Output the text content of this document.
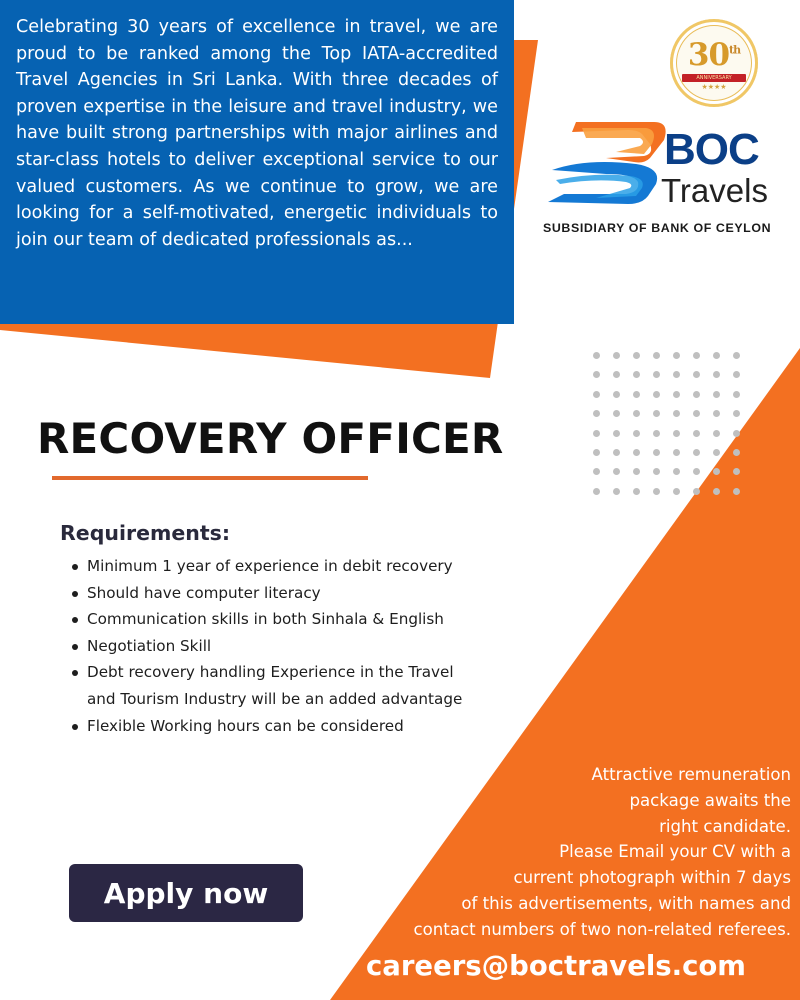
Celebrating 30 years of excellence in travel, we are proud to be ranked among the Top IATA-accredited Travel Agencies in Sri Lanka. With three decades of proven expertise in the leisure and travel industry, we have built strong partnerships with major airlines and star-class hotels to deliver exceptional service to our valued customers. As we continue to grow, we are looking for a self-motivated, energetic individuals to join our team of dedicated professionals as...

30th
ANNIVERSARY
★★★★
BOC
Travels
SUBSIDIARY OF BANK OF CEYLON
RECOVERY OFFICER
Requirements:
Minimum 1 year of experience in debit recovery
Should have computer literacy
Communication skills in both Sinhala & English
Negotiation Skill
Debt recovery handling Experience in the Travel and Tourism Industry will be an added advantage
Flexible Working hours can be considered

Attractive remuneration
package awaits the
right candidate.
Please Email your CV with a
current photograph within 7 days
of this advertisements, with names and
contact numbers of two non-related referees.

Apply now

careers@boctravels.com
